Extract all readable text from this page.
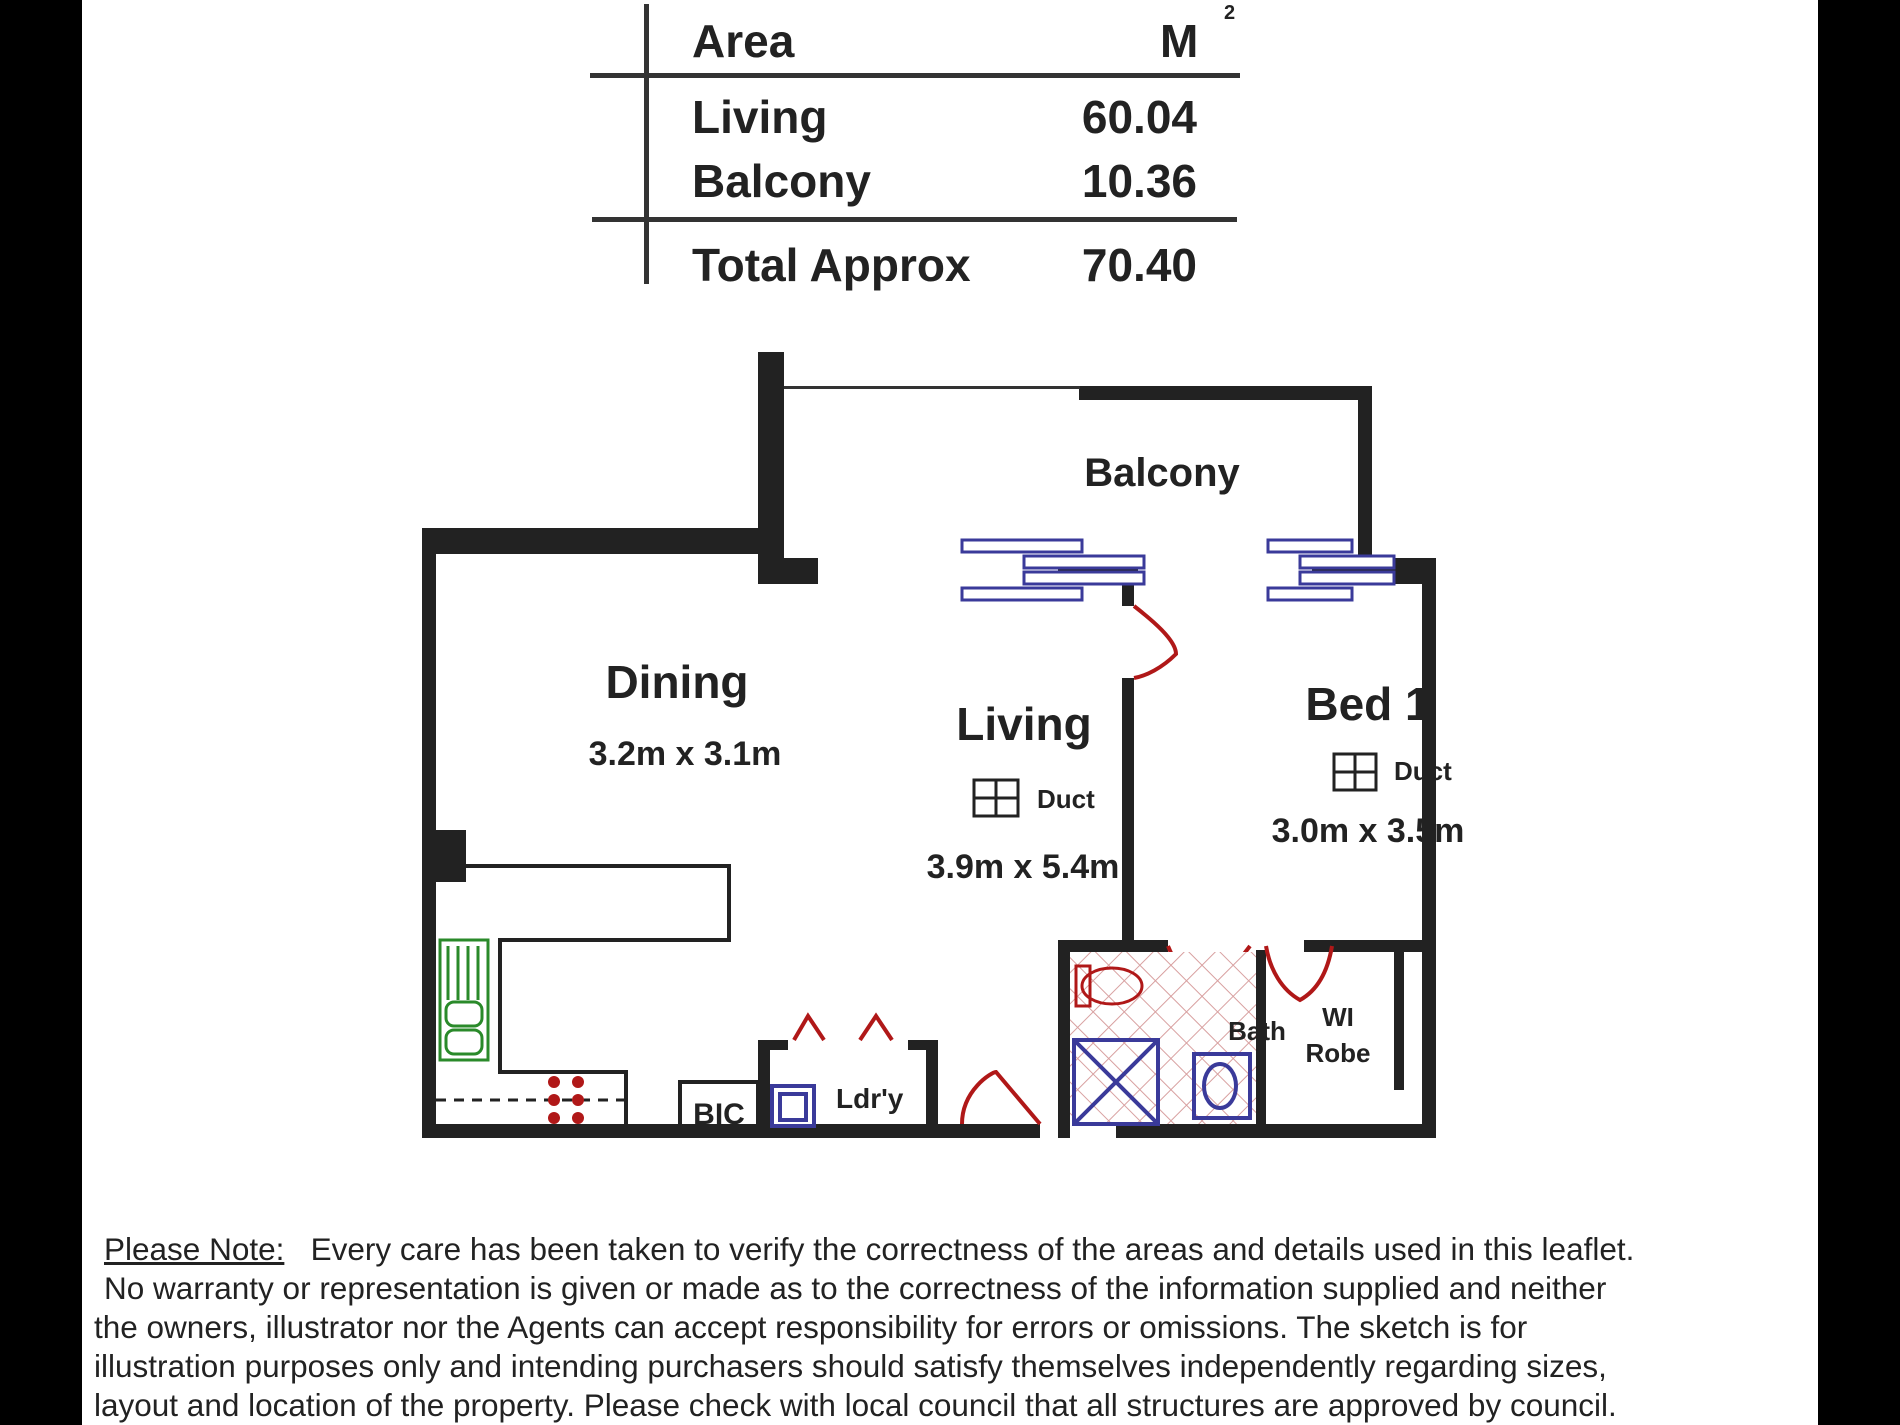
Area	M
2
Living	60.04
Balcony	10.36
Total Approx	70.40
Balcony
Dining
3.2m x 3.1m
Living
Duct
3.9m x 5.4m
Bed 1
Duct
3.0m x 3.5m
Bath WI
Robe
BIC	Ldr'y
Please Note: Every care has been taken to verify the correctness of the areas and details used in this leaflet.
No warranty or representation is given or made as to the correctness of the information supplied and neither
the owners, illustrator nor the Agents can accept responsibility for errors or omissions. The sketch is for
illustration purposes only and intending purchasers should satisfy themselves independently regarding sizes,
layout and location of the property. Please check with local council that all structures are approved by council.
